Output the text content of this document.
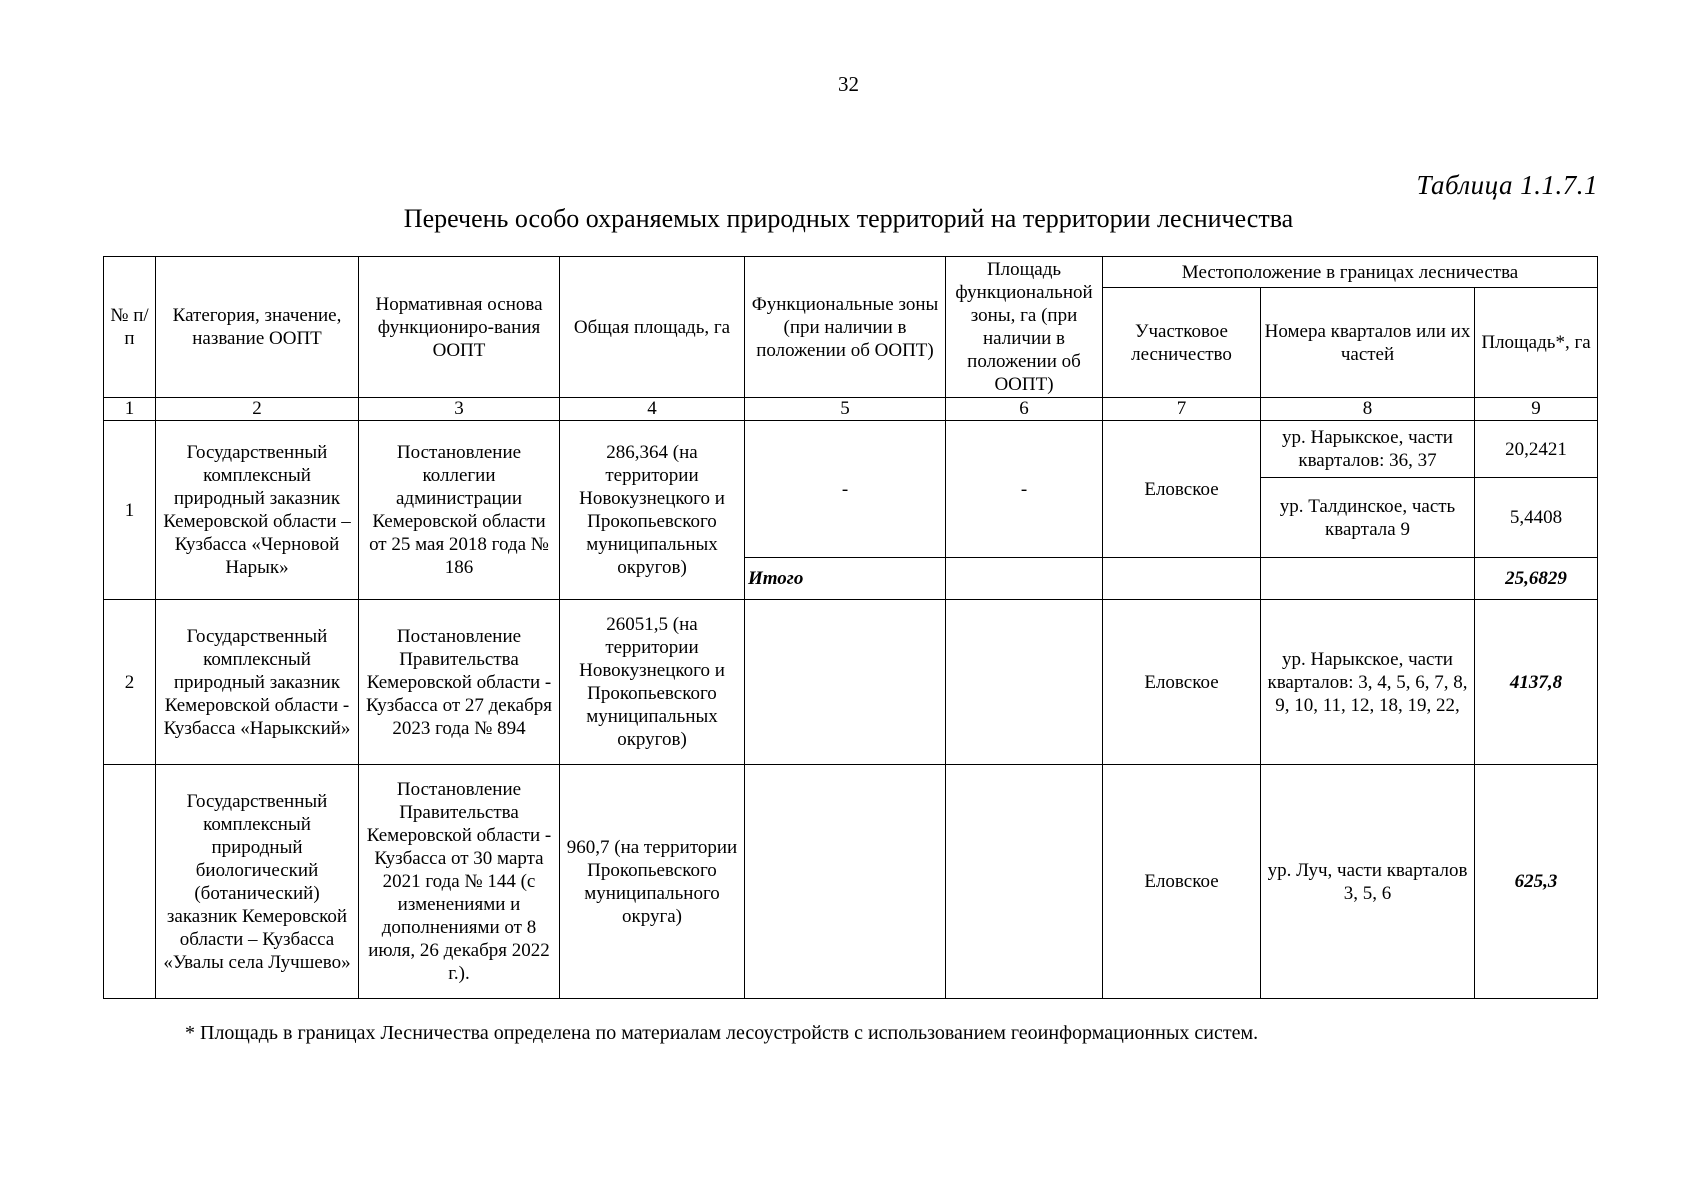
32
Таблица 1.1.7.1
Перечень особо охраняемых природных территорий на территории лесничества
№ п/п	Категория, значение, название ООПТ	Нормативная основа функциониро-вания ООПТ	Общая площадь, га	Функциональные зоны (при наличии в положении об ООПТ)	Площадь функциональной зоны, га (при наличии в положении об ООПТ)	Местоположение в границах лесничества		
						Участковое лесничество	Номера кварталов или их частей	Площадь*, га
1	2	3	4	5	6	7	8	9
1	Государственный комплексный природный заказник Кемеровской области – Кузбасса «Черновой Нарык»	Постановление коллегии администрации Кемеровской области от 25 мая 2018 года № 186	286,364 (на территории Новокузнецкого и Прокопьевского муниципальных округов)	-	-	Еловское	ур. Нарыкское, части кварталов: 36, 37	20,2421
							ур. Талдинское, часть квартала 9	5,4408
				Итого				25,6829
2	Государственный комплексный природный заказник Кемеровской области - Кузбасса «Нарыкский»	Постановление Правительства Кемеровской области - Кузбасса от 27 декабря 2023 года № 894	26051,5 (на территории Новокузнецкого и Прокопьевского муниципальных округов)			Еловское	ур. Нарыкское, части кварталов: 3, 4, 5, 6, 7, 8, 9, 10, 11, 12, 18, 19, 22,	4137,8
	Государственный комплексный природный биологический (ботанический) заказник Кемеровской области – Кузбасса «Увалы села Лучшево»	Постановление Правительства Кемеровской области - Кузбасса от 30 марта 2021 года № 144 (с изменениями и дополнениями от 8 июля, 26 декабря 2022 г.).	960,7 (на территории Прокопьевского муниципального округа)			Еловское	ур. Луч, части кварталов 3, 5, 6	625,3
* Площадь в границах Лесничества определена по материалам лесоустройств с использованием геоинформационных систем.
